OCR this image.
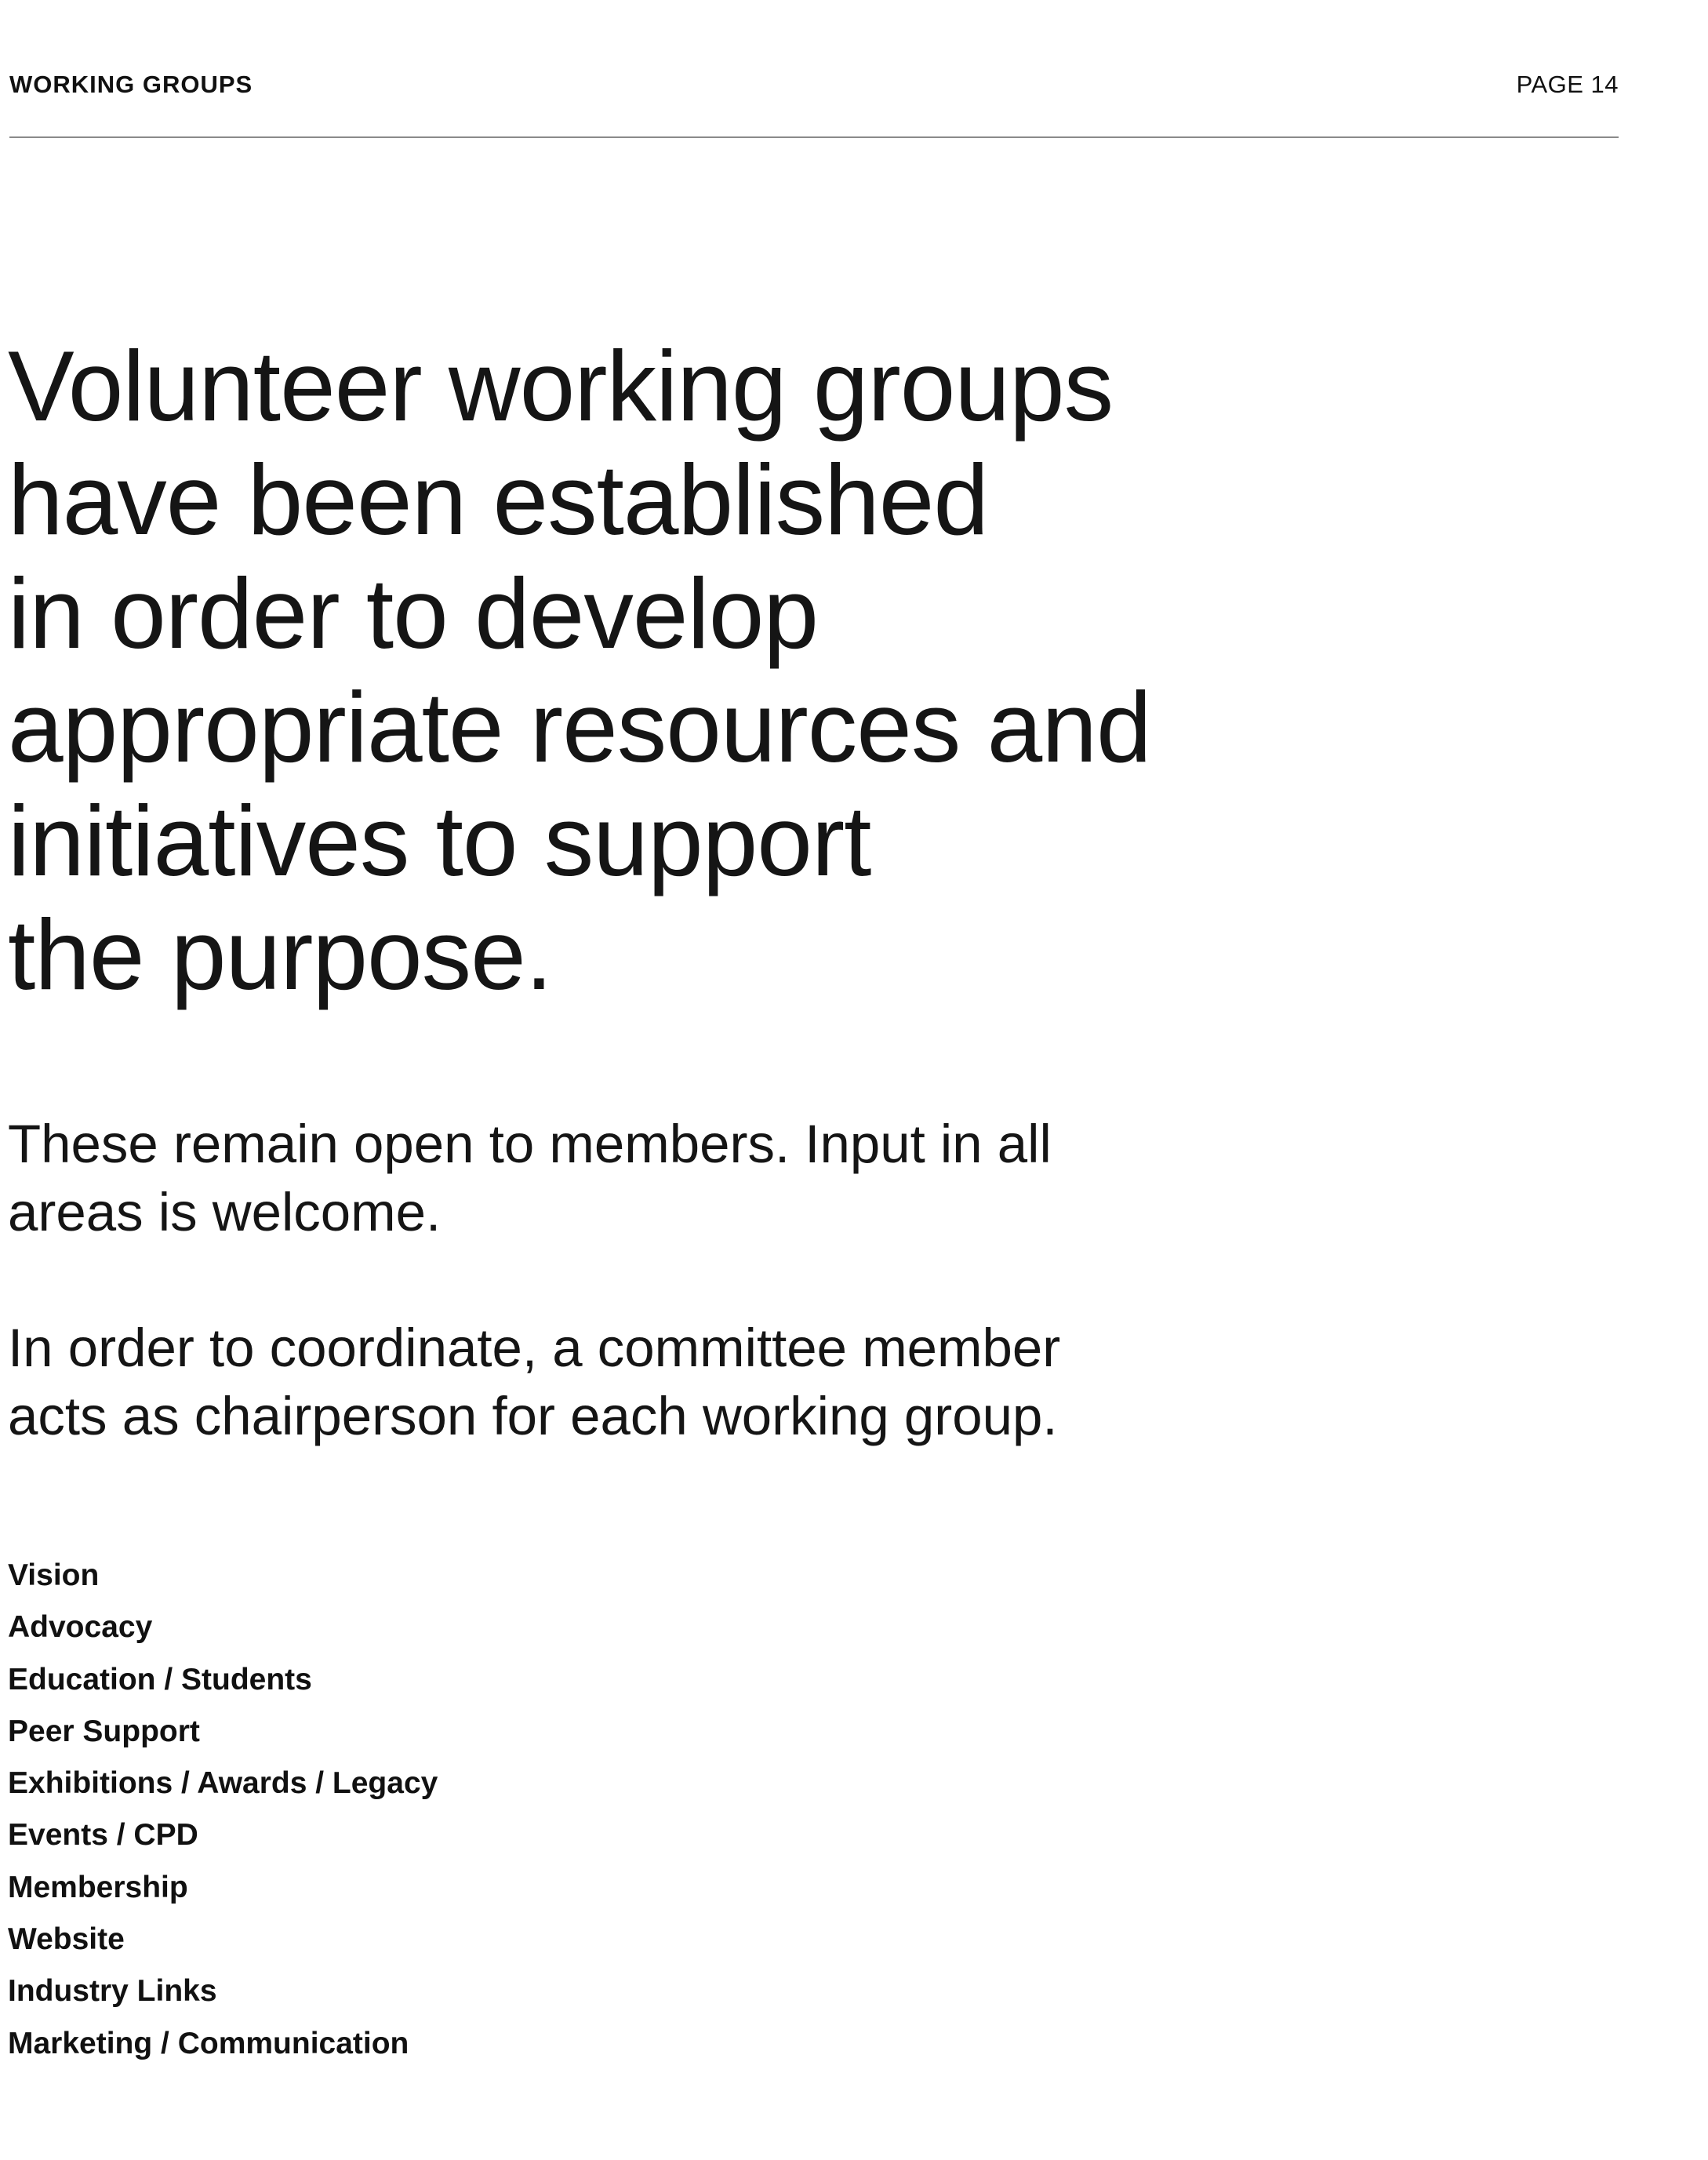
WORKING GROUPS	PAGE 14
Volunteer working groups
have been established
in order to develop
appropriate resources and
initiatives to support
the purpose.

These remain open to members. Input in all
areas is welcome.

In order to coordinate, a committee member
acts as chairperson for each working group.

Vision
Advocacy
Education / Students
Peer Support
Exhibitions / Awards / Legacy
Events / CPD
Membership
Website
Industry Links
Marketing / Communication
